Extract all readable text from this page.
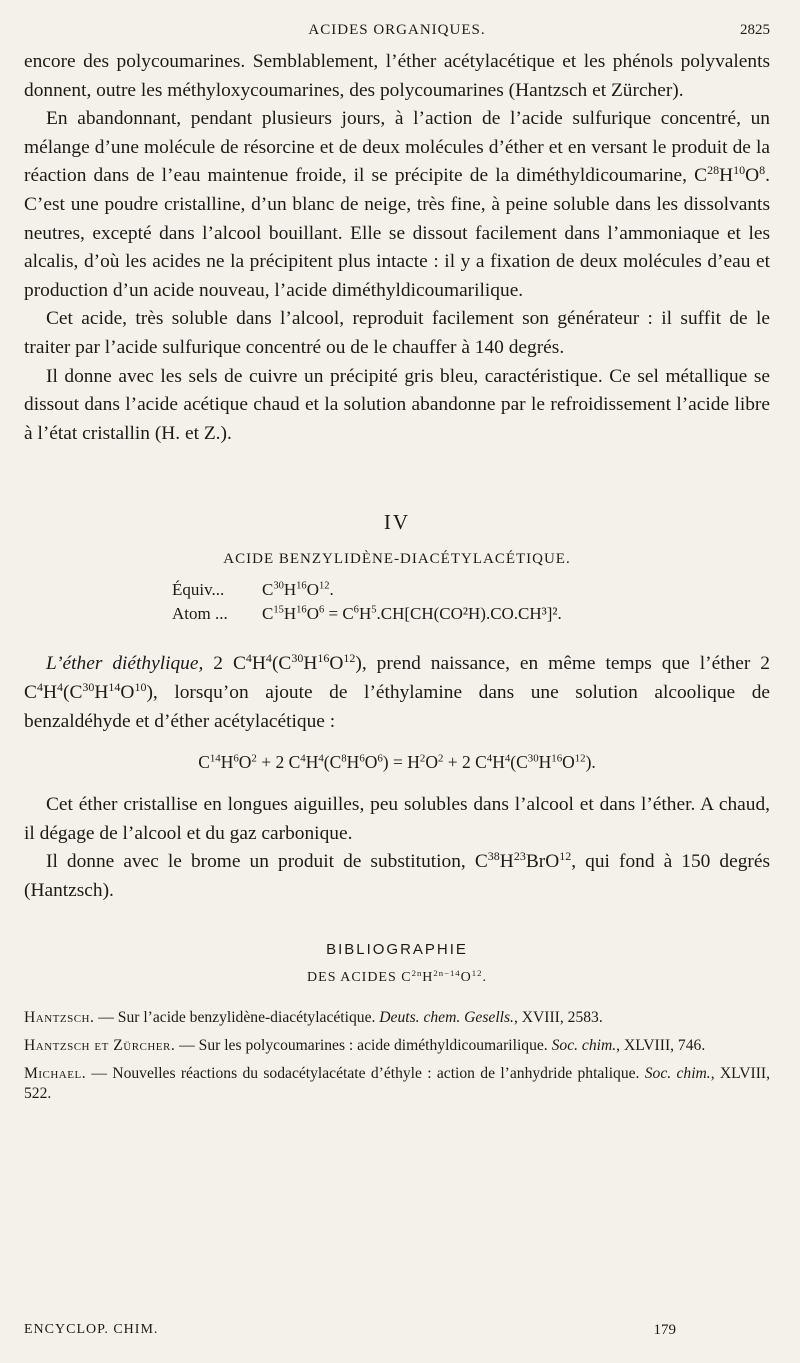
ACIDES ORGANIQUES.	2825

encore des polycoumarines. Semblablement, l’éther acétylacétique et les phénols polyvalents donnent, outre les méthyloxycoumarines, des polycoumarines (Hantzsch et Zürcher).

En abandonnant, pendant plusieurs jours, à l’action de l’acide sulfurique concentré, un mélange d’une molécule de résorcine et de deux molécules d’éther et en versant le produit de la réaction dans de l’eau maintenue froide, il se précipite de la diméthyldicoumarine, $C^{28}H^{10}O^8$. C’est une poudre cristalline, d’un blanc de neige, très fine, à peine soluble dans les dissolvants neutres, excepté dans l’alcool bouillant. Elle se dissout facilement dans l’ammoniaque et les alcalis, d’où les acides ne la précipitent plus intacte : il y a fixation de deux molécules d’eau et production d’un acide nouveau, l’acide diméthyldicoumarilique.

Cet acide, très soluble dans l’alcool, reproduit facilement son générateur : il suffit de le traiter par l’acide sulfurique concentré ou de le chauffer à 140 degrés.

Il donne avec les sels de cuivre un précipité gris bleu, caractéristique. Ce sel métallique se dissout dans l’acide acétique chaud et la solution abandonne par le refroidissement l’acide libre à l’état cristallin (H. et Z.).

IV
ACIDE BENZYLIDÈNE-DIACÉTYLACÉTIQUE.
Équiv... $C^{30}H^{16}O^{12}$.
Atom ... $C^{15}H^{16}O^6 = C^6H^5.CH[CH(CO^2H).CO.CH^3]^2$.

L’éther diéthylique, 2 $C^4H^4(C^{30}H^{16}O^{12})$, prend naissance, en même temps que l’éther 2 $C^4H^4(C^{30}H^{14}O^{10})$, lorsqu’on ajoute de l’éthylamine dans une solution alcoolique de benzaldéhyde et d’éther acétylacétique :

$C^{14}H^6O^2 + 2$ $C^4H^4(C^8H^6O^6) = H^2O^2 + 2$ $C^4H^4(C^{30}H^{16}O^{12})$.

Cet éther cristallise en longues aiguilles, peu solubles dans l’alcool et dans l’éther. A chaud, il dégage de l’alcool et du gaz carbonique.

Il donne avec le brome un produit de substitution, $C^{38}H^{23}BrO^{12}$, qui fond à 150 degrés (Hantzsch).

BIBLIOGRAPHIE
DES ACIDES $C^{2n}H^{2n-14}O^{12}$.
Hantzsch. — Sur l’acide benzylidène-diacétylacétique. Deuts. chem. Gesells., XVIII, 2583.
Hantzsch et Zürcher. — Sur les polycoumarines : acide diméthyldicoumarilique. Soc. chim., XLVIII, 746.
Michael. — Nouvelles réactions du sodacétylacétate d’éthyle : action de l’anhydride phtalique. Soc. chim., XLVIII, 522.
ENCYCLOP. CHIM.	179
